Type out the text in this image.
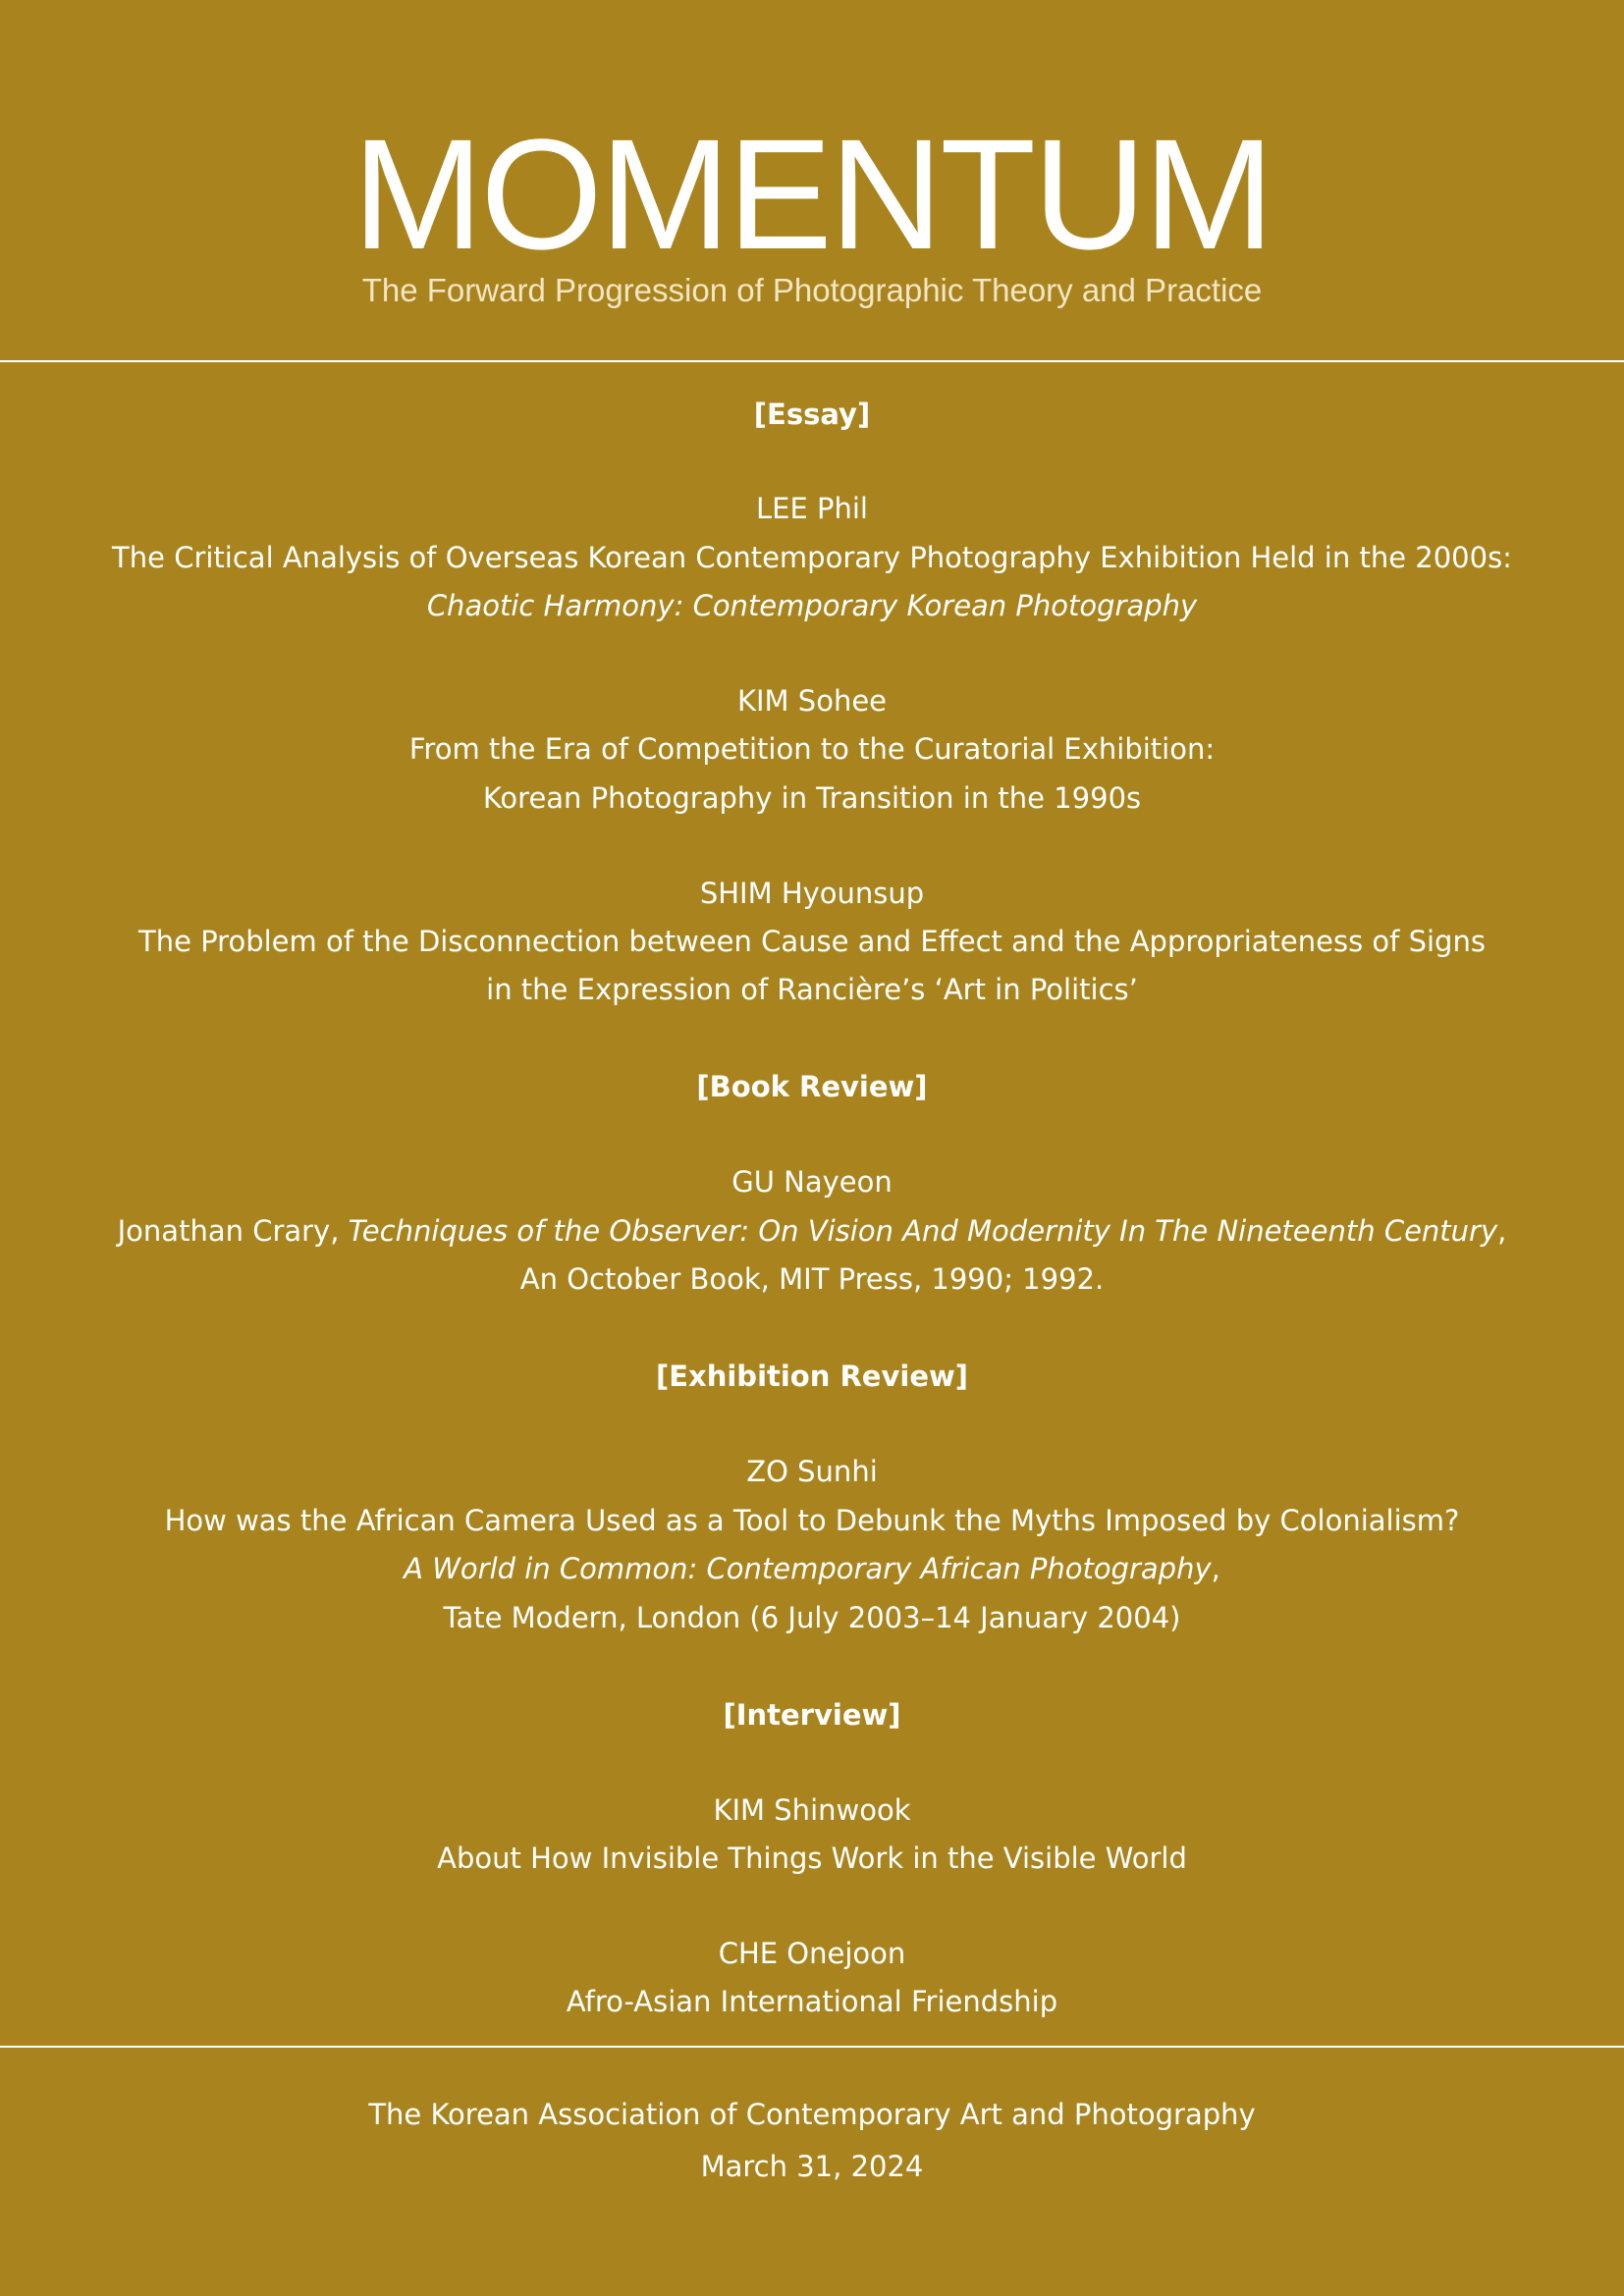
MOMENTUM
The Forward Progression of Photographic Theory and Practice
[Essay]
LEE Phil
The Critical Analysis of Overseas Korean Contemporary Photography Exhibition Held in the 2000s:
Chaotic Harmony: Contemporary Korean Photography
KIM Sohee
From the Era of Competition to the Curatorial Exhibition:
Korean Photography in Transition in the 1990s
SHIM Hyounsup
The Problem of the Disconnection between Cause and Effect and the Appropriateness of Signs
in the Expression of Rancière’s ‘Art in Politics’
[Book Review]
GU Nayeon
Jonathan Crary, Techniques of the Observer: On Vision And Modernity In The Nineteenth Century,
An October Book, MIT Press, 1990; 1992.
[Exhibition Review]
ZO Sunhi
How was the African Camera Used as a Tool to Debunk the Myths Imposed by Colonialism?
A World in Common: Contemporary African Photography,
Tate Modern, London (6 July 2003–14 January 2004)
[Interview]
KIM Shinwook
About How Invisible Things Work in the Visible World
CHE Onejoon
Afro-Asian International Friendship
The Korean Association of Contemporary Art and Photography
March 31, 2024
